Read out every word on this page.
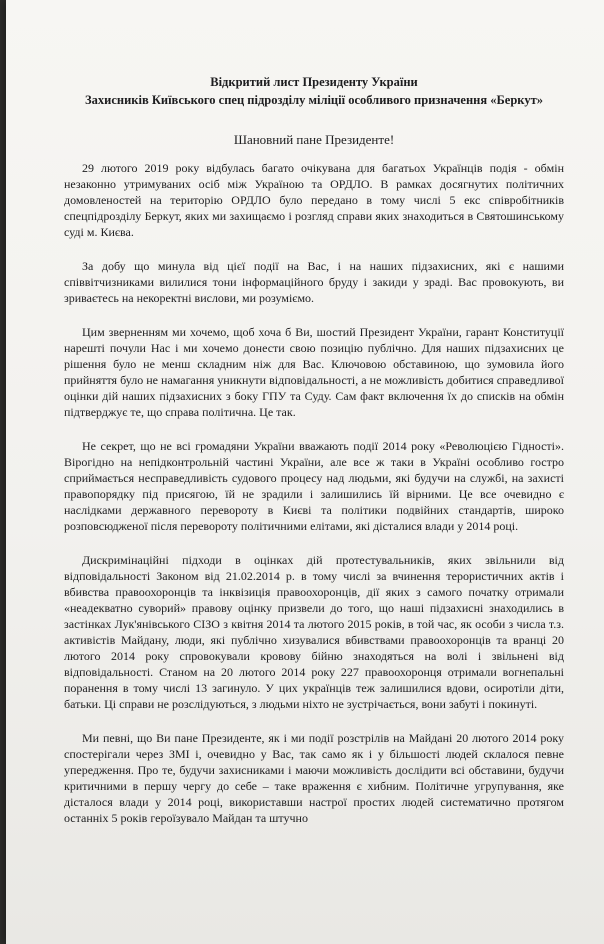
Відкритий лист Президенту України

Захисників Київського спец підрозділу міліції особливого призначення «Беркут»

Шановний пане Президенте!

29 лютого 2019 року відбулась багато очікувана для багатьох Українців подія - обмін незаконно утримуваних осіб між Україною та ОРДЛО. В рамках досягнутих політичних домовленостей на територію ОРДЛО було передано в тому числі 5 екс співробітників спецпідрозділу Беркут, яких ми захищаємо і розгляд справи яких знаходиться в Святошинському суді м. Києва.

За добу що минула від цієї події на Вас, і на наших підзахисних, які є нашими співвітчизниками вилилися тони інформаційного бруду і закиди у зраді. Вас провокують, ви зриваєтесь на некоректні вислови, ми розуміємо.

Цим зверненням ми хочемо, щоб хоча б Ви, шостий Президент України, гарант Конституції нарешті почули Нас і ми хочемо донести свою позицію публічно. Для наших підзахисних це рішення було не менш складним ніж для Вас. Ключовою обставиною, що зумовила його прийняття було не намагання уникнути відповідальності, а не можливість добитися справедливої оцінки дій наших підзахисних з боку ГПУ та Суду. Сам факт включення їх до списків на обмін підтверджує те, що справа політична. Це так.

Не секрет, що не всі громадяни України вважають події 2014 року «Революцією Гідності». Вірогідно на непідконтрольній частині України, але все ж таки в Україні особливо гостро сприймається несправедливість судового процесу над людьми, які будучи на службі, на захисті правопорядку під присягою, їй не зрадили і залишились їй вірними. Це все очевидно є наслідками державного перевороту в Києві та політики подвійних стандартів, широко розповсюдженої після перевороту політичними елітами, які дісталися влади у 2014 році.

Дискримінаційні підходи в оцінках дій протестувальників, яких звільнили від відповідальності Законом від 21.02.2014 р. в тому числі за вчинення терористичних актів і вбивства правоохоронців та інквізиція правоохоронців, дії яких з самого початку отримали «неадекватно суворий» правову оцінку призвели до того, що наші підзахисні знаходились в застінках Лук'янівського СІЗО з квітня 2014 та лютого 2015 років, в той час, як особи з числа т.з. активістів Майдану, люди, які публічно хизувалися вбивствами правоохоронців та вранці 20 лютого 2014 року спровокували кровову бійню знаходяться на волі і звільнені від відповідальності. Станом на 20 лютого 2014 року 227 правоохоронця отримали вогнепальні поранення в тому числі 13 загинуло. У цих українців теж залишилися вдови, осиротіли діти, батьки. Ці справи не розслідуються, з людьми ніхто не зустрічається, вони забуті і покинуті.

Ми певні, що Ви пане Президенте, як і ми події розстрілів на Майдані 20 лютого 2014 року спостерігали через ЗМІ і, очевидно у Вас, так само як і у більшості людей склалося певне упередження. Про те, будучи захисниками і маючи можливість дослідити всі обставини, будучи критичними в першу чергу до себе – таке враження є хибним. Політичне угрупування, яке дісталося влади у 2014 році, використавши настрої простих людей систематично протягом останніх 5 років героїзувало Майдан та штучно
